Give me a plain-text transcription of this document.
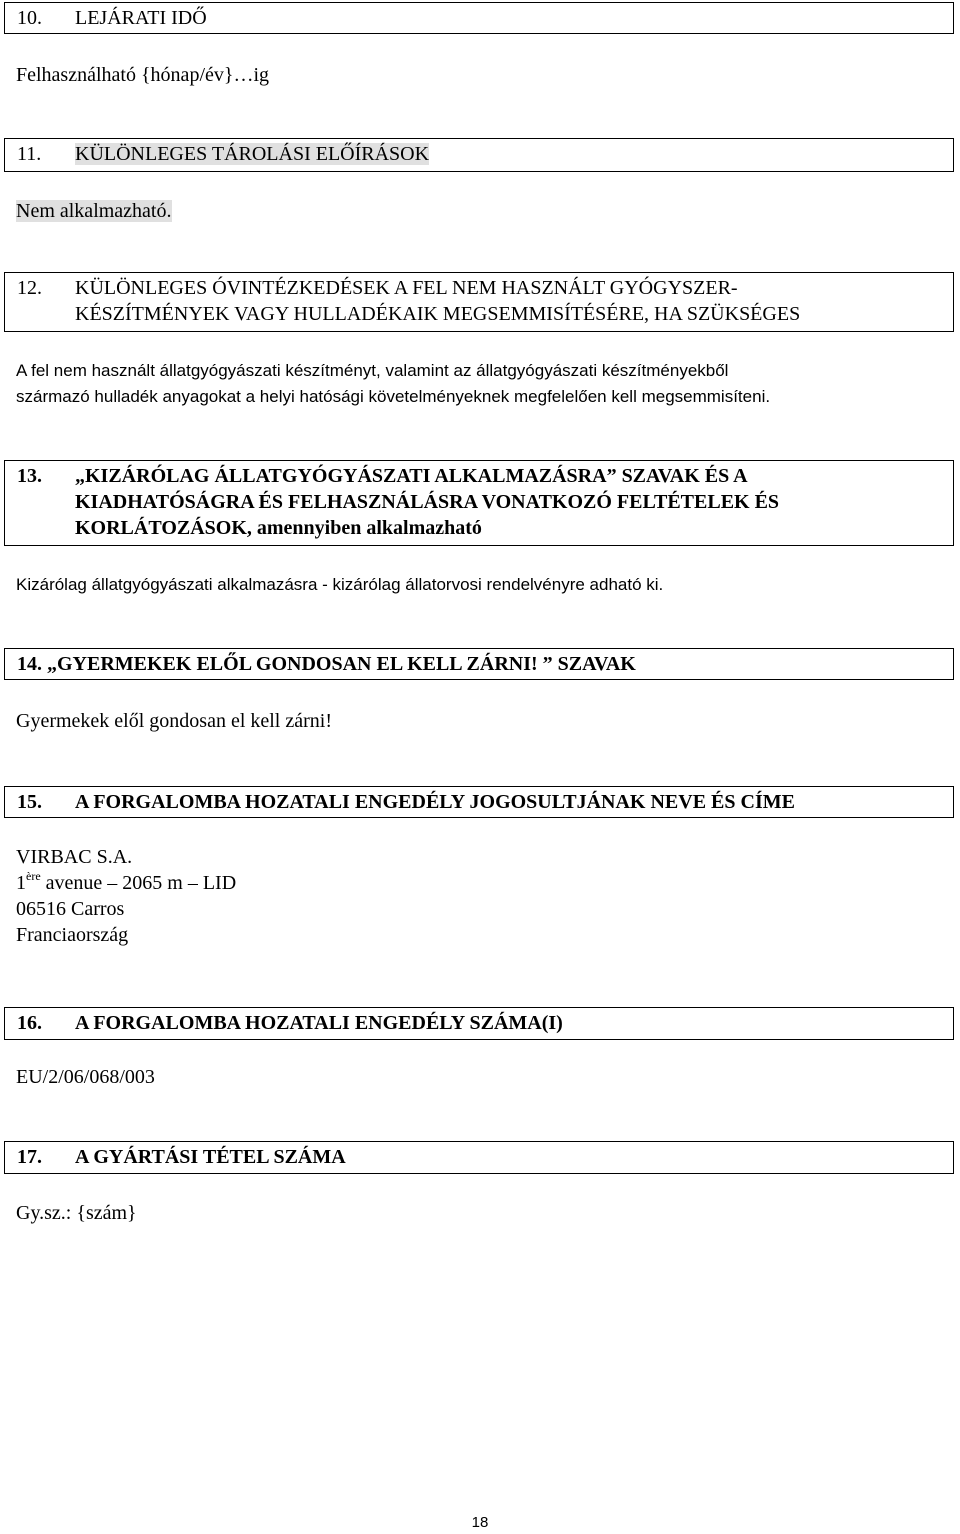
10. LEJÁRATI IDŐ
Felhasználható {hónap/év}…ig
11. KÜLÖNLEGES TÁROLÁSI ELŐÍRÁSOK
Nem alkalmazható.
12.	KÜLÖNLEGES ÓVINTÉZKEDÉSEK A FEL NEM HASZNÁLT GYÓGYSZER-
KÉSZÍTMÉNYEK VAGY HULLADÉKAIK MEGSEMMISÍTÉSÉRE, HA SZÜKSÉGES
A fel nem használt állatgyógyászati készítményt, valamint az állatgyógyászati készítményekből
származó hulladék anyagokat a helyi hatósági követelményeknek megfelelően kell megsemmisíteni.
13.	„KIZÁRÓLAG ÁLLATGYÓGYÁSZATI ALKALMAZÁSRA” SZAVAK ÉS A
KIADHATÓSÁGRA ÉS FELHASZNÁLÁSRA VONATKOZÓ FELTÉTELEK ÉS
KORLÁTOZÁSOK, amennyiben alkalmazható
Kizárólag állatgyógyászati alkalmazásra - kizárólag állatorvosi rendelvényre adható ki.
14. „GYERMEKEK ELŐL GONDOSAN EL KELL ZÁRNI! ” SZAVAK
Gyermekek elől gondosan el kell zárni!
15. A FORGALOMBA HOZATALI ENGEDÉLY JOGOSULTJÁNAK NEVE ÉS CÍME
VIRBAC S.A.
1ère avenue – 2065 m – LID
06516 Carros
Franciaország
16. A FORGALOMBA HOZATALI ENGEDÉLY SZÁMA(I)
EU/2/06/068/003
17. A GYÁRTÁSI TÉTEL SZÁMA
Gy.sz.: {szám}
18
